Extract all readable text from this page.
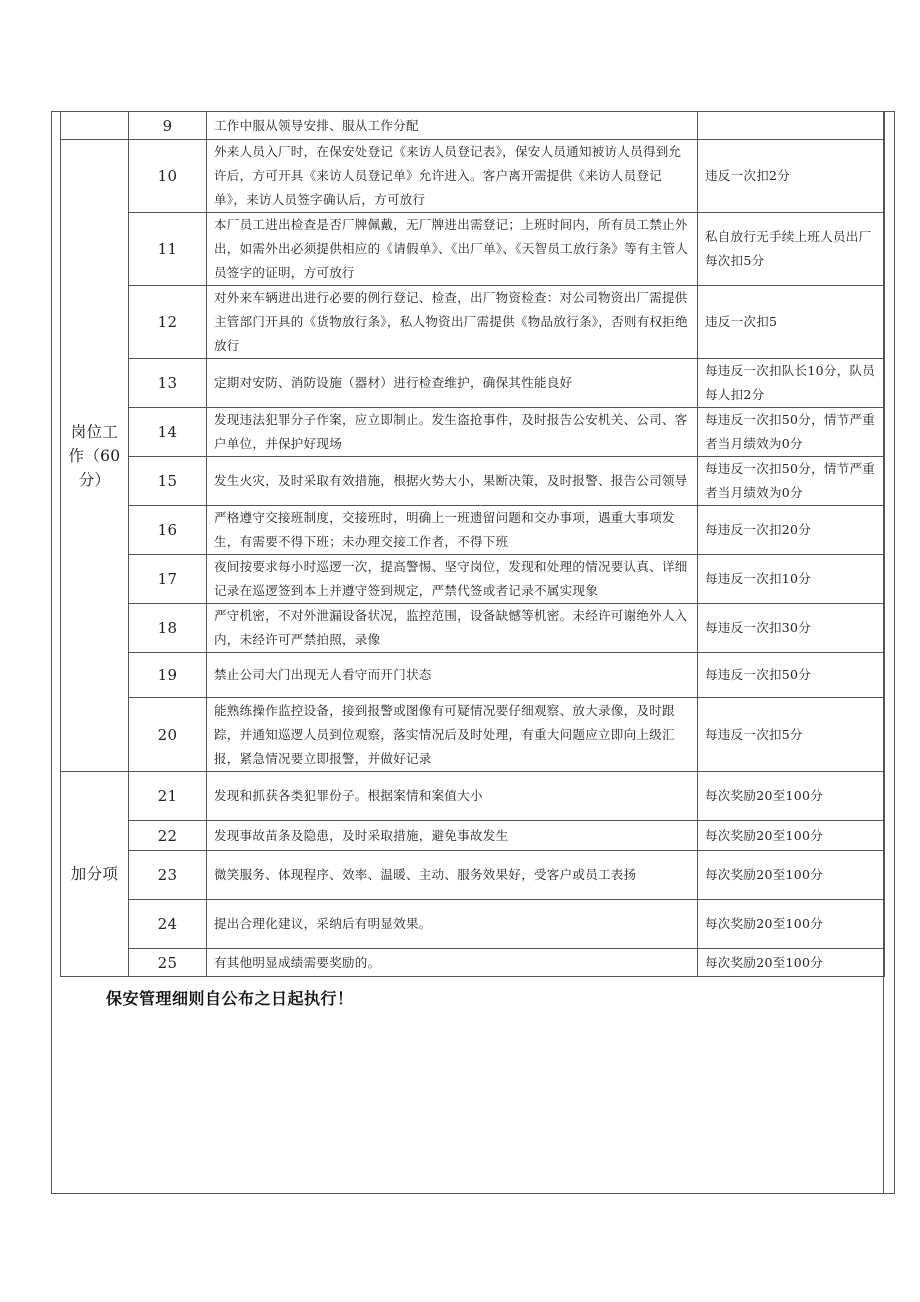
	9	工作中服从领导安排、服从工作分配	
岗位工作（60分）	10	外来人员入厂时，在保安处登记《来访人员登记表》，保安人员通知被访人员得到允许后，方可开具《来访人员登记单》允许进入。客户离开需提供《来访人员登记单》，来访人员签字确认后，方可放行	违反一次扣2分
	11	本厂员工进出检查是否厂牌佩戴，无厂牌进出需登记；上班时间内，所有员工禁止外出，如需外出必须提供相应的《请假单》、《出厂单》、《天智员工放行条》等有主管人员签字的证明，方可放行	私自放行无手续上班人员出厂每次扣5分
	12	对外来车辆进出进行必要的例行登记、检查，出厂物资检查：对公司物资出厂需提供主管部门开具的《货物放行条》，私人物资出厂需提供《物品放行条》，否则有权拒绝放行	违反一次扣5
	13	定期对安防、消防设施（器材）进行检查维护，确保其性能良好	每违反一次扣队长10分，队员每人扣2分
	14	发现违法犯罪分子作案，应立即制止。发生盗抢事件，及时报告公安机关、公司、客户单位，并保护好现场	每违反一次扣50分，情节严重者当月绩效为0分
	15	发生火灾，及时采取有效措施，根据火势大小，果断决策，及时报警、报告公司领导	每违反一次扣50分，情节严重者当月绩效为0分
	16	严格遵守交接班制度，交接班时，明确上一班遗留问题和交办事项，遇重大事项发生，有需要不得下班；未办理交接工作者，不得下班	每违反一次扣20分
	17	夜间按要求每小时巡逻一次，提高警惕、坚守岗位，发现和处理的情况要认真、详细记录在巡逻签到本上并遵守签到规定，严禁代签或者记录不属实现象	每违反一次扣10分
	18	严守机密，不对外泄漏设备状况，监控范围，设备缺憾等机密。未经许可谢绝外人入内，未经许可严禁拍照，录像	每违反一次扣30分
	19	禁止公司大门出现无人看守而开门状态	每违反一次扣50分
	20	能熟练操作监控设备，接到报警或图像有可疑情况要仔细观察、放大录像，及时跟踪，并通知巡逻人员到位观察，落实情况后及时处理，有重大问题应立即向上级汇报，紧急情况要立即报警，并做好记录	每违反一次扣5分
加分项	21	发现和抓获各类犯罪份子。根据案情和案值大小	每次奖励20至100分
	22	发现事故苗条及隐患，及时采取措施，避免事故发生	每次奖励20至100分
	23	微笑服务、体现程序、效率、温暖、主动、服务效果好，受客户或员工表扬	每次奖励20至100分
	24	提出合理化建议，采纳后有明显效果。	每次奖励20至100分
	25	有其他明显成绩需要奖励的。	每次奖励20至100分
保安管理细则自公布之日起执行！
